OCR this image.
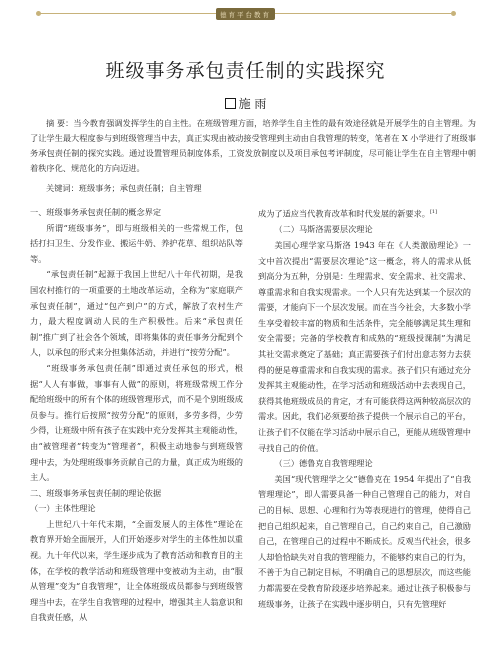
德育平台教育
班级事务承包责任制的实践探究
施 雨
摘 要：当今教育强调发挥学生的自主性。在班级管理方面，培养学生自主性的最有效途径就是开展学生的自主管理。为了让学生最大程度参与到班级管理当中去，真正实现由被动接受管理到主动由自我管理的转变，笔者在 X 小学进行了班级事务承包责任制的探究实践。通过设置管理员制度体系，工资发放制度以及项目承包考评制度，尽可能让学生在自主管理中朝着秩序化、规范化的方向迈进。
关键词：班级事务；承包责任制；自主管理

一、班级事务承包责任制的概念界定

所谓“班级事务”，即与班级相关的一些常规工作，包括打扫卫生、分发作业、搬运牛奶、养护花草、组织站队等等。

“承包责任制”起源于我国上世纪八十年代初期，是我国农村推行的一项重要的土地改革运动，全称为“家庭联产承包责任制”，通过“包产到户”的方式，解放了农村生产力，最大程度调动人民的生产积极性。后来“承包责任制”推广到了社会各个领域，即将集体的责任事务分配到个人，以承包的形式来分担集体活动，并进行“按劳分配”。

“班级事务承包责任制”即通过责任承包的形式，根据“人人有事做，事事有人做”的原则，将班级常规工作分配给班级中的所有个体的班级管理形式，而不是个别班级成员参与。推行后按照“按劳分配”的原则，多劳多得，少劳少得，让班级中所有孩子在实践中充分发挥其主观能动性，由“被管理者”转变为“管理者”，积极主动地参与到班级管理中去，为处理班级事务贡献自己的力量，真正成为班级的主人。

二、班级事务承包责任制的理论依据

（一）主体性理论

上世纪八十年代末期，“全面发展人的主体性”理论在教育界开始全面展开，人们开始逐步对学生的主体性加以重视。九十年代以来，学生逐步成为了教育活动和教育目的主体，在学校的教学活动和班级管理中变被动为主动，由“服从管理”变为“自我管理”，让全体班级成员都参与到班级管理当中去，在学生自我管理的过程中，增强其主人翁意识和自我责任感，从

成为了适应当代教育改革和时代发展的新要求。[1]

（二）马斯洛需要层次理论

美国心理学家马斯洛 1943 年在《人类激励理论》一文中首次提出“需要层次理论”这一概念，将人的需求从低到高分为五种，分别是：生理需求、安全需求、社交需求、尊重需求和自我实现需求。一个人只有先达到某一个层次的需要，才能向下一个层次发展。而在当今社会，大多数小学生享受着较丰富的物质和生活条件，完全能够满足其生理和安全需要；完备的学校教育和成熟的“班级授课制”为满足其社交需求奠定了基础；真正需要孩子们付出意志努力去获得的便是尊重需求和自我实现的需求。孩子们只有通过充分发挥其主观能动性，在学习活动和班级活动中去表现自己，获得其他班级成员的肯定，才有可能获得这两种较高层次的需求。因此，我们必须要给孩子提供一个展示自己的平台，让孩子们不仅能在学习活动中展示自己，更能从班级管理中寻找自己的价值。

（三）德鲁克自我管理理论

美国“现代管理学之父”德鲁克在 1954 年提出了“自我管理理论”，即人需要具备一种自己管理自己的能力，对自己的目标、思想、心理和行为等表现进行的管理，使得自己把自己组织起来，自己管理自己，自己约束自己，自己激励自己，在管理自己的过程中不断成长。反观当代社会，很多人却恰恰缺失对自我的管理能力，不能够约束自己的行为，不善于为自己制定目标，不明确自己的思想层次，而这些能力都需要在受教育阶段逐步培养起来。通过让孩子积极参与班级事务，让孩子在实践中逐步明白，只有先管理好
